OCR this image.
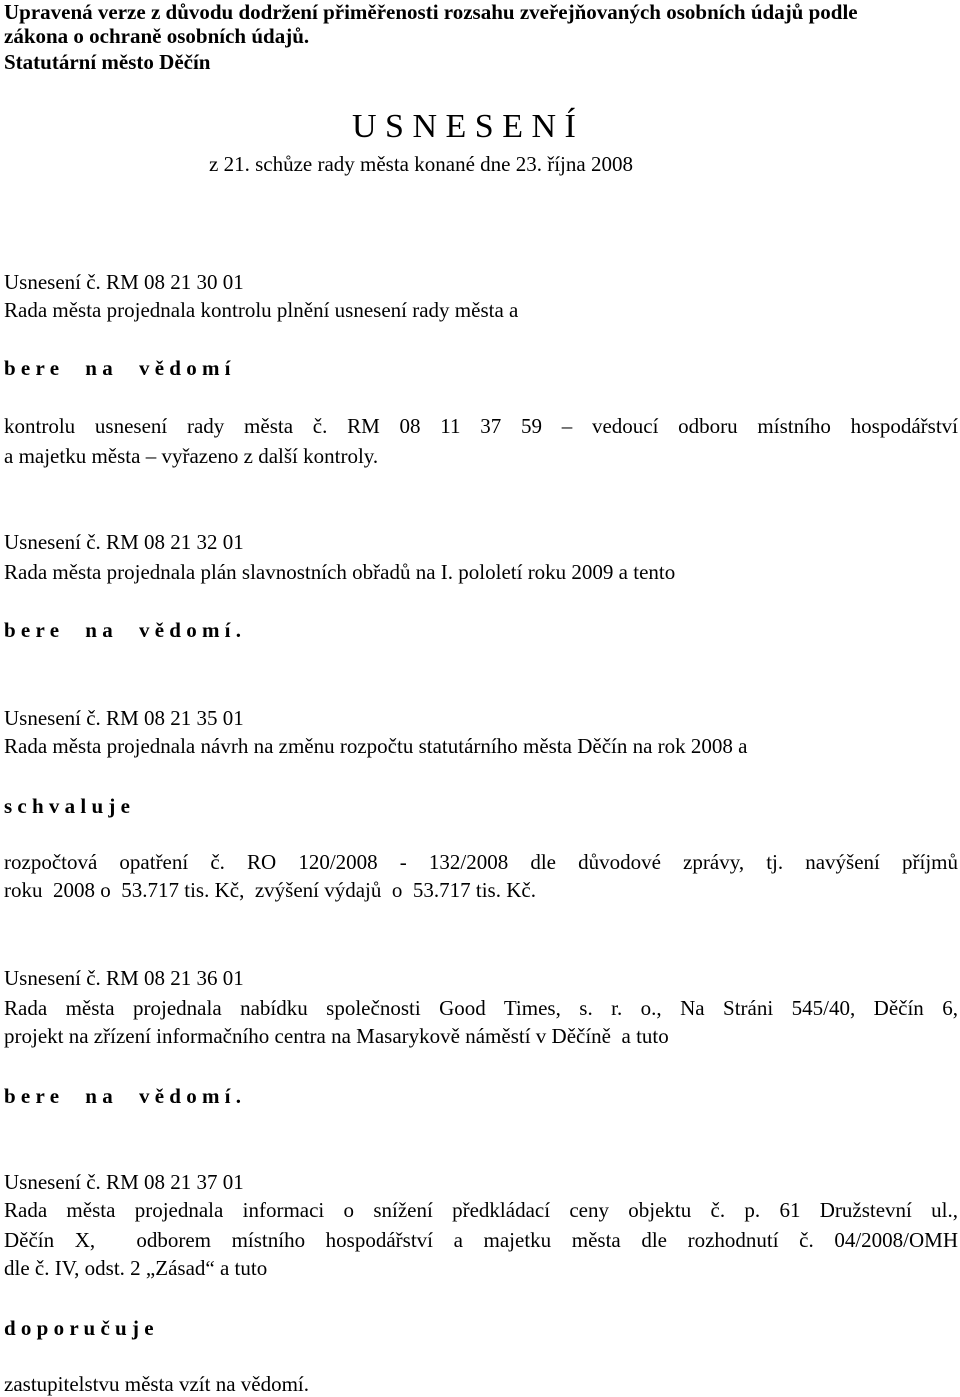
Upravená verze z důvodu dodržení přiměřenosti rozsahu zveřejňovaných osobních údajů podle
zákona o ochraně osobních údajů.
Statutární město Děčín
U S N E S E N Í
z 21. schůze rady města konané dne 23. října 2008
Usnesení č. RM 08 21 30 01
Rada města projednala kontrolu plnění usnesení rady města a
b e r e     n a     v ě d o m í
kontrolu usnesení rady města č. RM 08 11 37 59 – vedoucí odboru místního hospodářství
a majetku města – vyřazeno z další kontroly.
Usnesení č. RM 08 21 32 01
Rada města projednala plán slavnostních obřadů na I. pololetí roku 2009 a tento
b e r e     n a     v ě d o m í .
Usnesení č. RM 08 21 35 01
Rada města projednala návrh na změnu rozpočtu statutárního města Děčín na rok 2008 a
s c h v a l u j e
rozpočtová opatření č. RO 120/2008 - 132/2008 dle důvodové zprávy, tj. navýšení příjmů
roku  2008 o  53.717 tis. Kč,  zvýšení výdajů  o  53.717 tis. Kč.
Usnesení č. RM 08 21 36 01
Rada města projednala nabídku společnosti Good Times, s. r. o., Na Stráni 545/40, Děčín 6,
projekt na zřízení informačního centra na Masarykově náměstí v Děčíně  a tuto
b e r e     n a     v ě d o m í .
Usnesení č. RM 08 21 37 01
Rada města projednala informaci o snížení předkládací ceny objektu č. p. 61 Družstevní ul.,
Děčín X,  odborem místního hospodářství a majetku města dle rozhodnutí č. 04/2008/OMH
dle č. IV, odst. 2 „Zásad“ a tuto
d o p o r u č u j e
zastupitelstvu města vzít na vědomí.
